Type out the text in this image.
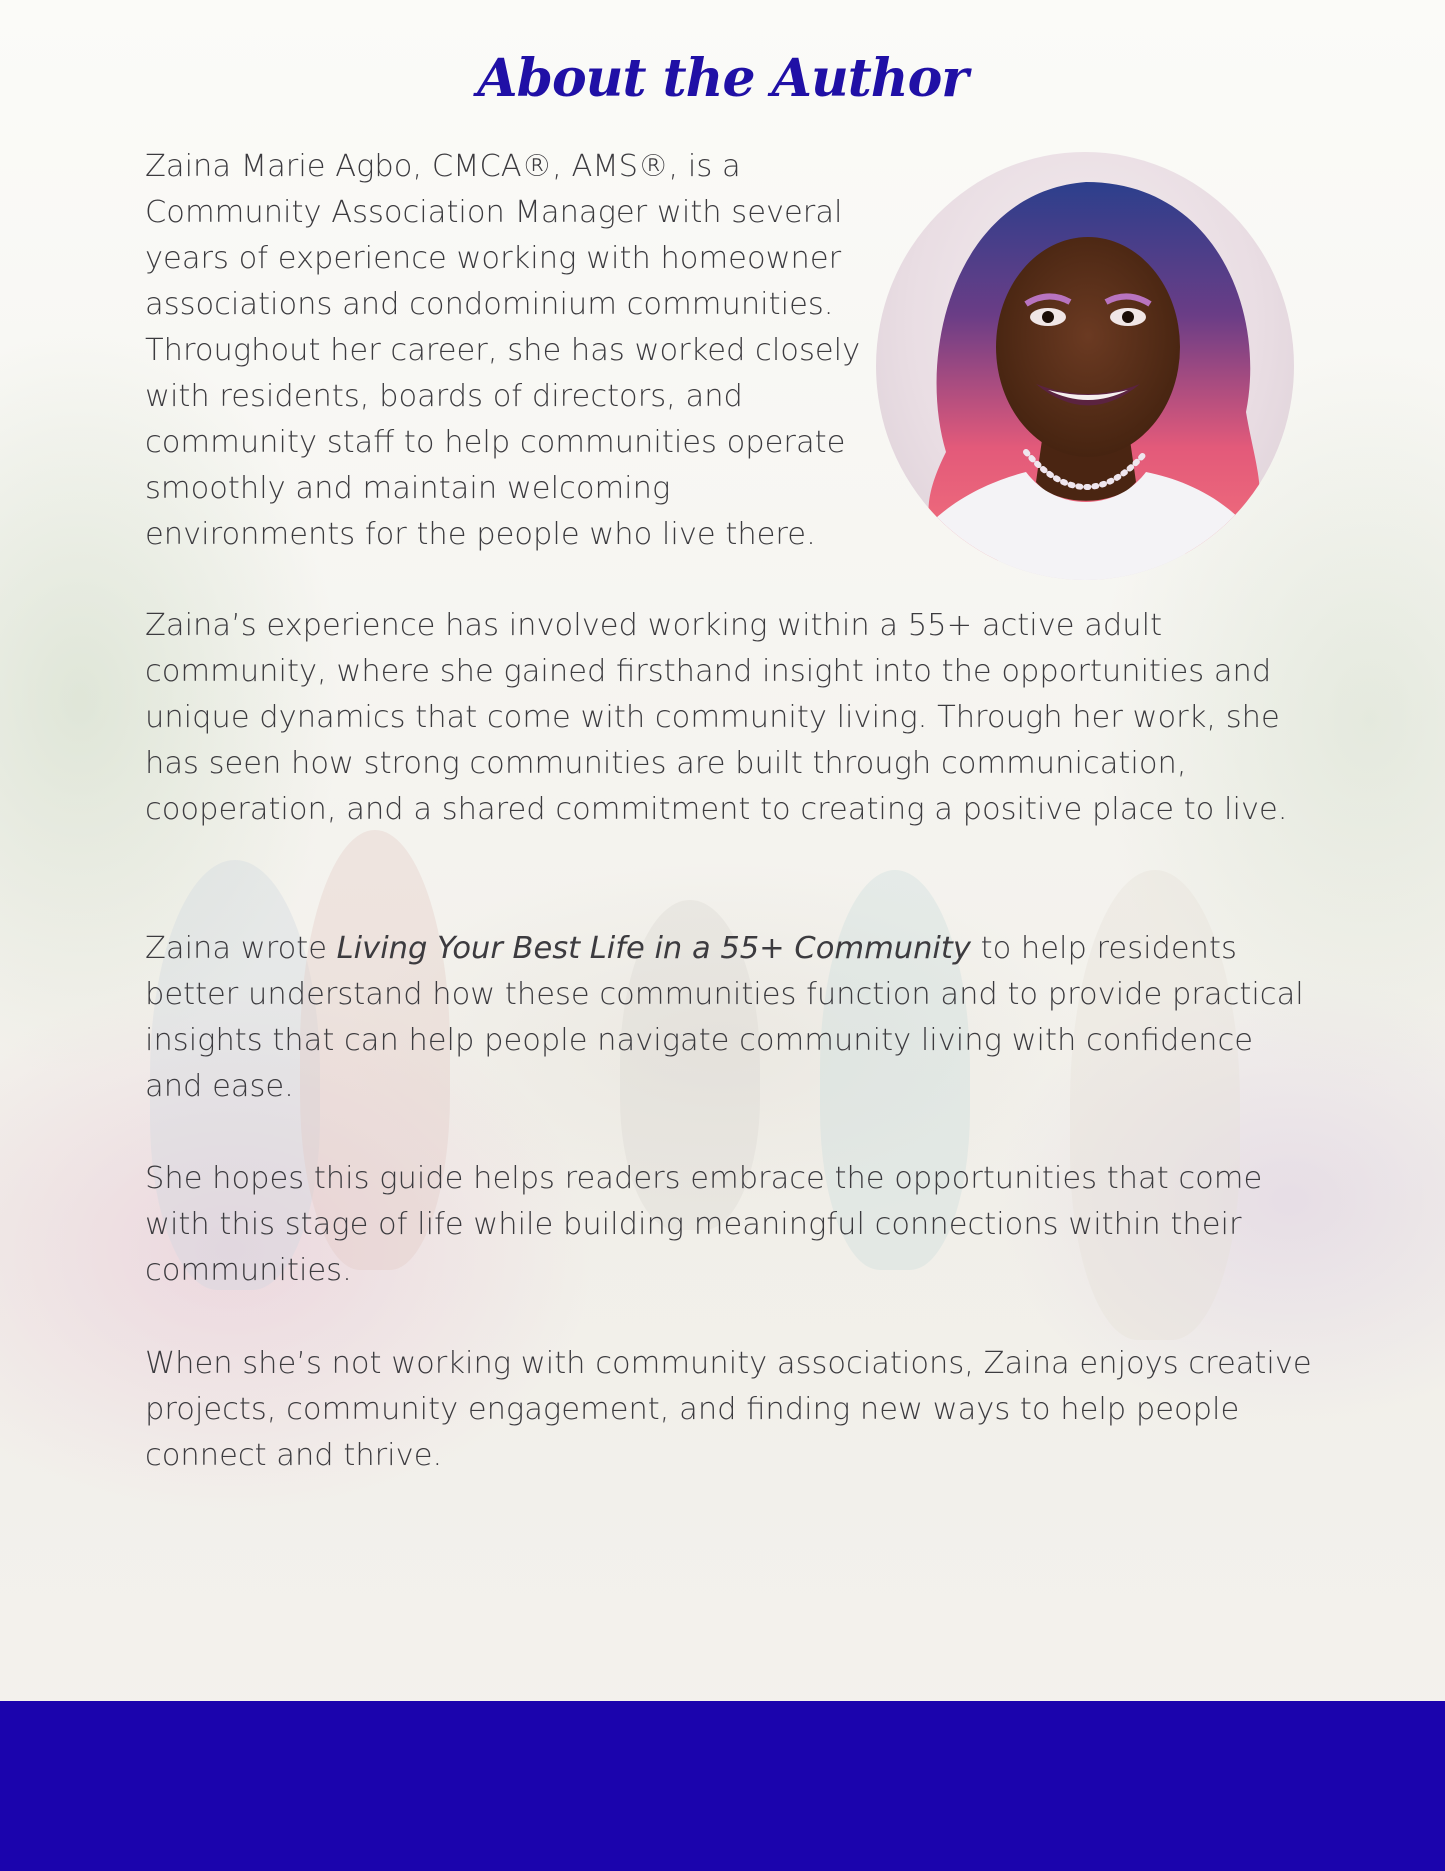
About the Author

Zaina Marie Agbo, CMCA®, AMS®, is a Community Association Manager with several years of experience working with homeowner associations and condominium communities. Throughout her career, she has worked closely with residents, boards of directors, and community staff to help communities operate smoothly and maintain welcoming environments for the people who live there.

Zaina’s experience has involved working within a 55+ active adult community, where she gained firsthand insight into the opportunities and unique dynamics that come with community living. Through her work, she has seen how strong communities are built through communication, cooperation, and a shared commitment to creating a positive place to live.

Zaina wrote Living Your Best Life in a 55+ Community to help residents better understand how these communities function and to provide practical insights that can help people navigate community living with confidence and ease.

She hopes this guide helps readers embrace the opportunities that come with this stage of life while building meaningful connections within their communities.

When she’s not working with community associations, Zaina enjoys creative projects, community engagement, and finding new ways to help people connect and thrive.
